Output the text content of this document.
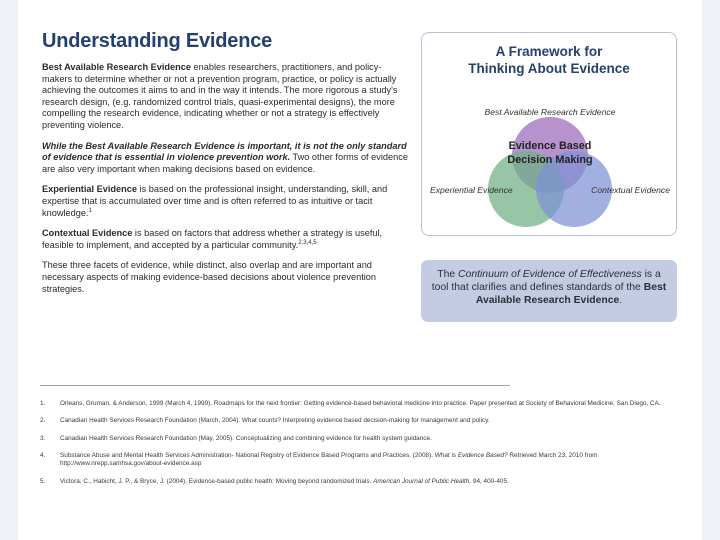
Understanding Evidence

Best Available Research Evidence enables researchers, practitioners, and policy-makers to determine whether or not a prevention program, practice, or policy is actually achieving the outcomes it aims to and in the way it intends. The more rigorous a study's research design, (e.g. randomized control trials, quasi-experimental designs), the more compelling the research evidence, indicating whether or not a strategy is effectively preventing violence.

While the Best Available Research Evidence is important, it is not the only standard of evidence that is essential in violence prevention work. Two other forms of evidence are also very important when making decisions based on evidence.

Experiential Evidence is based on the professional insight, understanding, skill, and expertise that is accumulated over time and is often referred to as intuitive or tacit knowledge.$^1$

Contextual Evidence is based on factors that address whether a strategy is useful, feasible to implement, and accepted by a particular community.$^{2,3,4,5}$

These three facets of evidence, while distinct, also overlap and are important and necessary aspects of making evidence-based decisions about violence prevention strategies.

A Framework for
Thinking About Evidence
Best Available Research Evidence
Experiential Evidence	Contextual Evidence
Evidence Based
Decision Making
The Continuum of Evidence of Effectiveness is a tool that clarifies and defines standards of the Best Available Research Evidence.
1.	Orleans, Gruman, & Anderson, 1999 (March 4, 1999). Roadmaps for the next frontier: Getting evidence-based behavioral medicine into practice. Paper presented at Society of Behavioral Medicine, San Diego, CA.
2.	Canadian Health Services Research Foundation (March, 2004). What counts? Interpreting evidence based decision-making for management and policy.
3.	Canadian Health Services Research Foundation (May, 2005). Conceptualizing and combining evidence for health system guidance.
4.	Substance Abuse and Mental Health Services Administration- National Registry of Evidence Based Programs and Practices. (2008). What is Evidence Based? Retrieved March 23, 2010 from http://www.nrepp.samhsa.gov/about-evidence.asp
5.	Victora, C., Habicht, J. P., & Bryce, J. (2004). Evidence-based public health: Moving beyond randomized trials. American Journal of Public Health, 94, 400-405.
